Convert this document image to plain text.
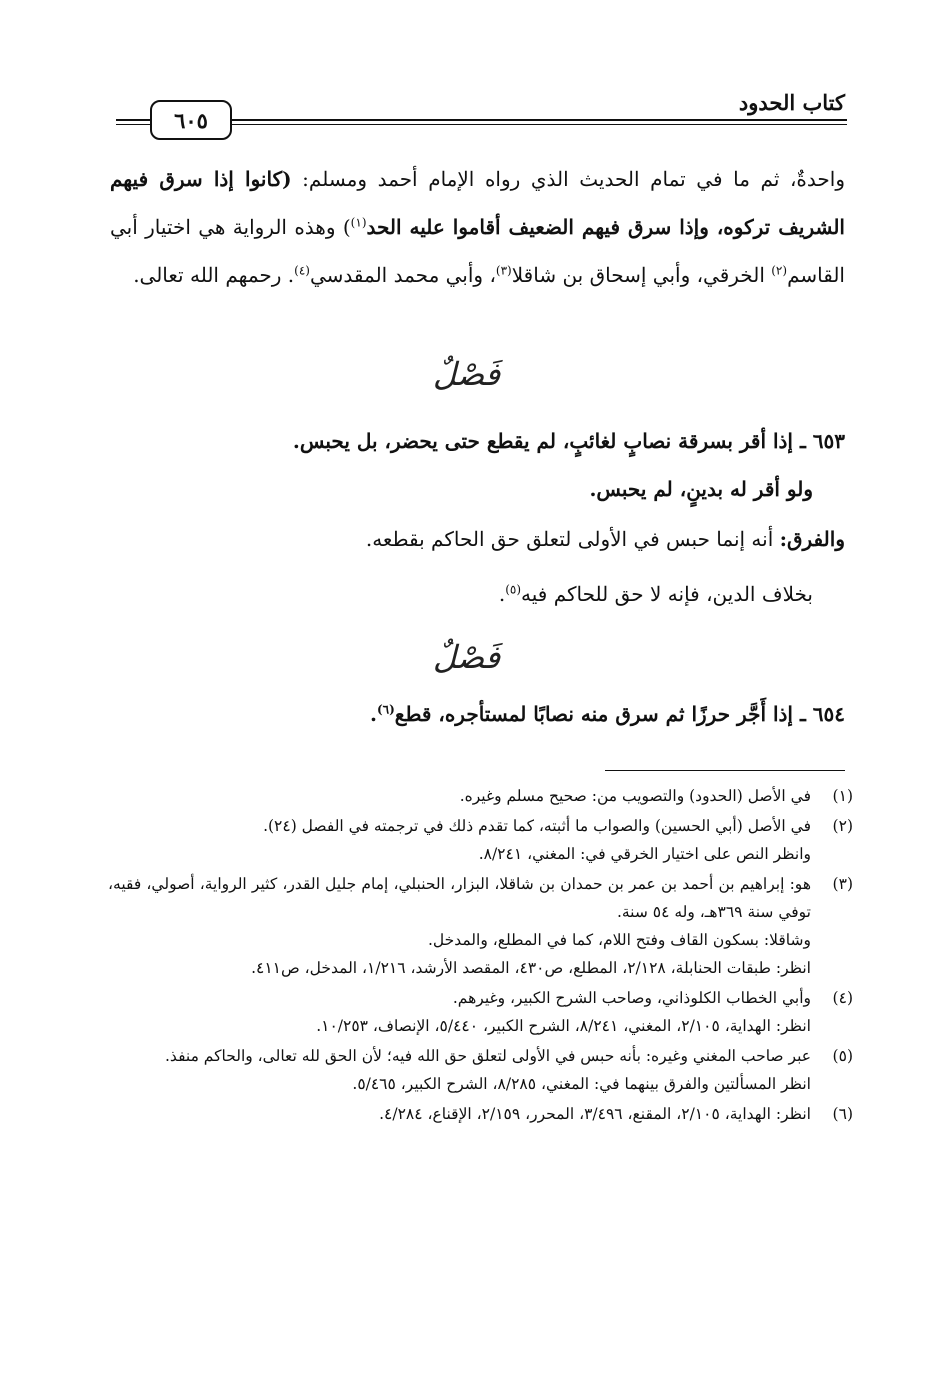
كتاب الحدود
٦٠٥

واحدةٌ، ثم ما في تمام الحديث الذي رواه الإمام أحمد ومسلم: (كانوا إذا سرق فيهم الشريف تركوه، وإذا سرق فيهم الضعيف أقاموا عليه الحد$^{(١)}$) وهذه الرواية هي اختيار أبي القاسم$^{(٢)}$ الخرقي، وأبي إسحاق بن شاقلا$^{(٣)}$، وأبي محمد المقدسي$^{(٤)}$. رحمهم الله تعالى.

فَصْلٌ

٦٥٣ ـ إذا أقر بسرقة نصابٍ لغائبٍ، لم يقطع حتى يحضر، بل يحبس.

ولو أقر له بدينٍ، لم يحبس.

والفرق: أنه إنما حبس في الأولى لتعلق حق الحاكم بقطعه.

بخلاف الدين، فإنه لا حق للحاكم فيه$^{(٥)}$.

فَصْلٌ

٦٥٤ ـ إذا أَجَّر حرزًا ثم سرق منه نصابًا لمستأجره، قطع$^{(٦)}$.

(١)

في الأصل (الحدود) والتصويب من: صحيح مسلم وغيره.

(٢)

في الأصل (أبي الحسين) والصواب ما أثبته، كما تقدم ذلك في ترجمته في الفصل (٢٤).

وانظر النص على اختيار الخرقي في: المغني، ٨/٢٤١.

(٣)

هو: إبراهيم بن أحمد بن عمر بن حمدان بن شاقلا، البزار، الحنبلي، إمام جليل القدر، كثير الرواية، أصولي، فقيه، توفي سنة ٣٦٩هـ، وله ٥٤ سنة.

وشاقلا: بسكون القاف وفتح اللام، كما في المطلع، والمدخل.

انظر: طبقات الحنابلة، ٢/١٢٨، المطلع، ص٤٣٠، المقصد الأرشد، ١/٢١٦، المدخل، ص٤١١.

(٤)

وأبي الخطاب الكلوذاني، وصاحب الشرح الكبير، وغيرهم.

انظر: الهداية، ٢/١٠٥، المغني، ٨/٢٤١، الشرح الكبير، ٥/٤٤٠، الإنصاف، ١٠/٢٥٣.

(٥)

عبر صاحب المغني وغيره: بأنه حبس في الأولى لتعلق حق الله فيه؛ لأن الحق لله تعالى، والحاكم منفذ.

انظر المسألتين والفرق بينهما في: المغني، ٨/٢٨٥، الشرح الكبير، ٥/٤٦٥.

(٦)

انظر: الهداية، ٢/١٠٥، المقنع، ٣/٤٩٦، المحرر، ٢/١٥٩، الإقناع، ٤/٢٨٤.
